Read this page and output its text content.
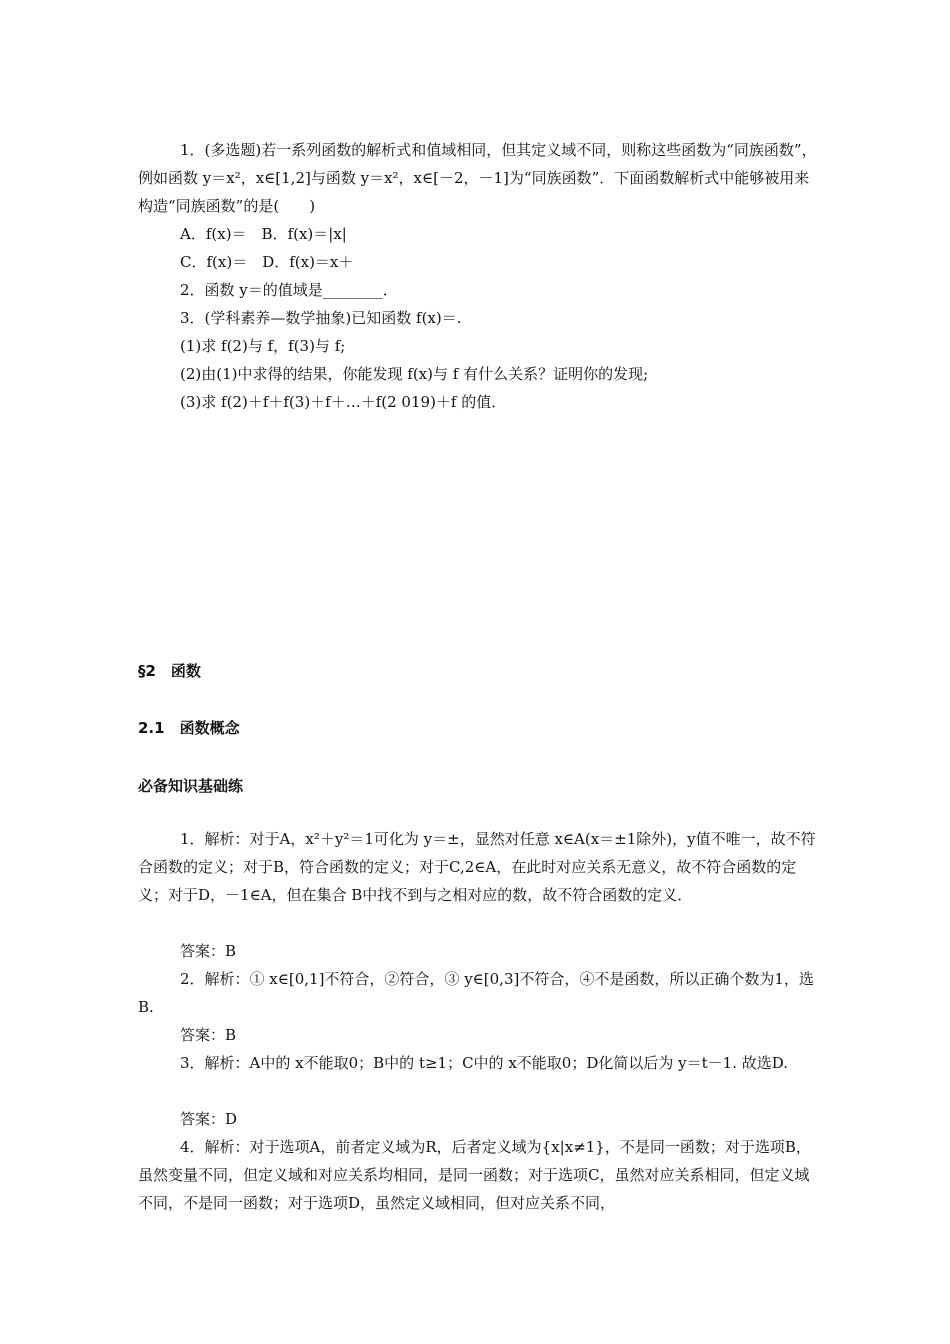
1．(多选题)若一系列函数的解析式和值域相同，但其定义域不同，则称这些函数为“同族函数”，例如函数 y＝x²，x∈[1,2]与函数 y＝x²，x∈[－2，－1]为“同族函数”．下面函数解析式中能够被用来构造“同族函数”的是(　　)

A．f(x)＝　B．f(x)＝|x|

C．f(x)＝　D．f(x)＝x＋

2．函数 y＝的值域是________．

3．(学科素养—数学抽象)已知函数 f(x)＝.

(1)求 f(2)与 f，f(3)与 f;

(2)由(1)中求得的结果，你能发现 f(x)与 f 有什么关系？证明你的发现;

(3)求 f(2)＋f＋f(3)＋f＋…＋f(2 019)＋f 的值．

§2　函数
2.1　函数概念
必备知识基础练

1．解析：对于A，x²＋y²＝1可化为 y＝±，显然对任意 x∈A(x＝±1除外)，y值不唯一，故不符合函数的定义；对于B，符合函数的定义；对于C,2∈A，在此时对应关系无意义，故不符合函数的定义；对于D，－1∈A，但在集合 B中找不到与之相对应的数，故不符合函数的定义．

答案：B

2．解析：① x∈[0,1]不符合，②符合，③ y∈[0,3]不符合，④不是函数，所以正确个数为1，选B.

答案：B

3．解析：A中的 x不能取0；B中的 t≥1；C中的 x不能取0；D化简以后为 y＝t－1. 故选D.

答案：D

4．解析：对于选项A，前者定义域为R，后者定义域为{x|x≠1}，不是同一函数；对于选项B，虽然变量不同，但定义域和对应关系均相同，是同一函数；对于选项C，虽然对应关系相同，但定义域不同，不是同一函数；对于选项D，虽然定义域相同，但对应关系不同，
